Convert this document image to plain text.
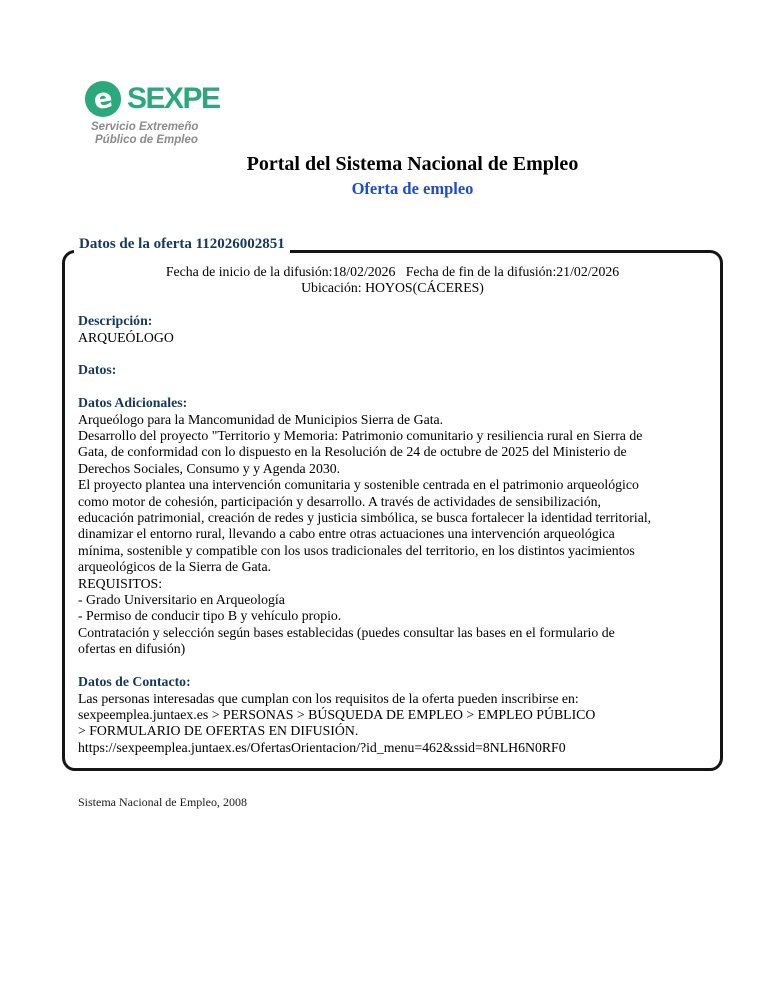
e SEXPE
Servicio Extremeño
Público de Empleo
Portal del Sistema Nacional de Empleo
Oferta de empleo
Datos de la oferta 112026002851
Fecha de inicio de la difusión:18/02/2026   Fecha de fin de la difusión:21/02/2026
Ubicación: HOYOS(CÁCERES)
Descripción:
ARQUEÓLOGO
Datos:
Datos Adicionales:
Arqueólogo para la Mancomunidad de Municipios Sierra de Gata.
Desarrollo del proyecto "Territorio y Memoria: Patrimonio comunitario y resiliencia rural en Sierra de
Gata, de conformidad con lo dispuesto en la Resolución de 24 de octubre de 2025 del Ministerio de
Derechos Sociales, Consumo y y Agenda 2030.
El proyecto plantea una intervención comunitaria y sostenible centrada en el patrimonio arqueológico
como motor de cohesión, participación y desarrollo. A través de actividades de sensibilización,
educación patrimonial, creación de redes y justicia simbólica, se busca fortalecer la identidad territorial,
dinamizar el entorno rural, llevando a cabo entre otras actuaciones una intervención arqueológica
mínima, sostenible y compatible con los usos tradicionales del territorio, en los distintos yacimientos
arqueológicos de la Sierra de Gata.
REQUISITOS:
- Grado Universitario en Arqueología
- Permiso de conducir tipo B y vehículo propio.
Contratación y selección según bases establecidas (puedes consultar las bases en el formulario de
ofertas en difusión)
Datos de Contacto:
Las personas interesadas que cumplan con los requisitos de la oferta pueden inscribirse en:
sexpeemplea.juntaex.es > PERSONAS > BÚSQUEDA DE EMPLEO > EMPLEO PÚBLICO
> FORMULARIO DE OFERTAS EN DIFUSIÓN.
https://sexpeemplea.juntaex.es/OfertasOrientacion/?id_menu=462&ssid=8NLH6N0RF0
Sistema Nacional de Empleo, 2008
